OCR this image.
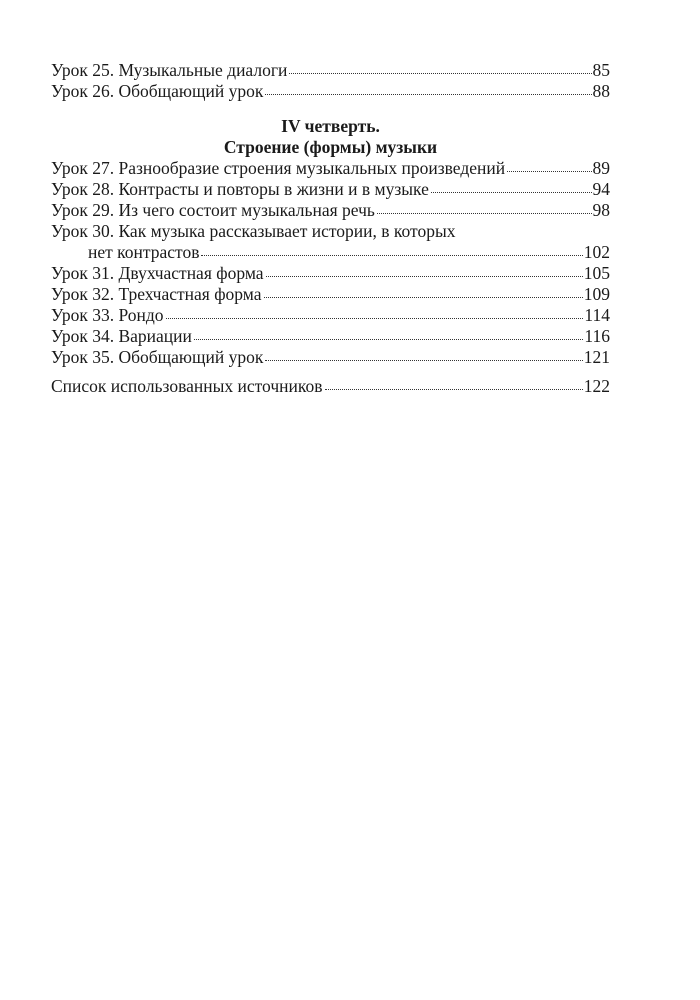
Урок 25. Музыкальные диалоги	85
Урок 26. Обобщающий урок	88
IV четверть.
Строение (формы) музыки
Урок 27. Разнообразие строения музыкальных произведений	89
Урок 28. Контрасты и повторы в жизни и в музыке	94
Урок 29. Из чего состоит музыкальная речь	98
Урок 30. Как музыка рассказывает истории, в которых
нет контрастов	102
Урок 31. Двухчастная форма	105
Урок 32. Трехчастная форма	109
Урок 33. Рондо	114
Урок 34. Вариации	116
Урок 35. Обобщающий урок	121
Список использованных источников	122
